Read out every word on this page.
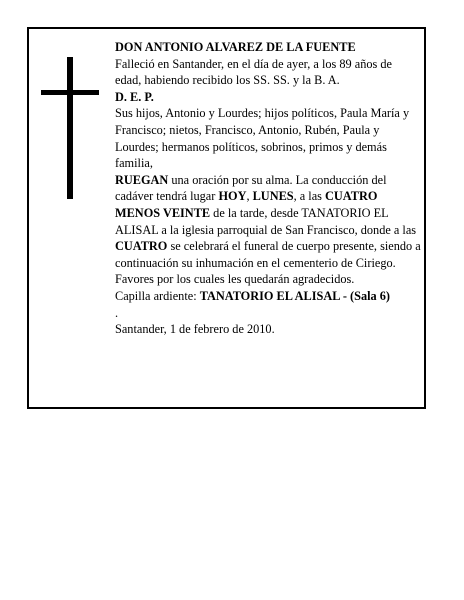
DON ANTONIO ALVAREZ DE LA FUENTE

Falleció en Santander, en el día de ayer, a los 89 años de edad, habiendo recibido los SS. SS. y la B. A.

D. E. P.

Sus hijos, Antonio y Lourdes; hijos políticos, Paula María y Francisco; nietos, Francisco, Antonio, Rubén, Paula y Lourdes; hermanos políticos, sobrinos, primos y demás familia,

RUEGAN una oración por su alma. La conducción del cadáver tendrá lugar HOY, LUNES, a las CUATRO MENOS VEINTE de la tarde, desde TANATORIO EL ALISAL a la iglesia parroquial de San Francisco, donde a las CUATRO se celebrará el funeral de cuerpo presente, siendo a continuación su inhumación en el cementerio de Ciriego. Favores por los cuales les quedarán agradecidos.

Capilla ardiente: TANATORIO EL ALISAL - (Sala 6)

.

Santander, 1 de febrero de 2010.
